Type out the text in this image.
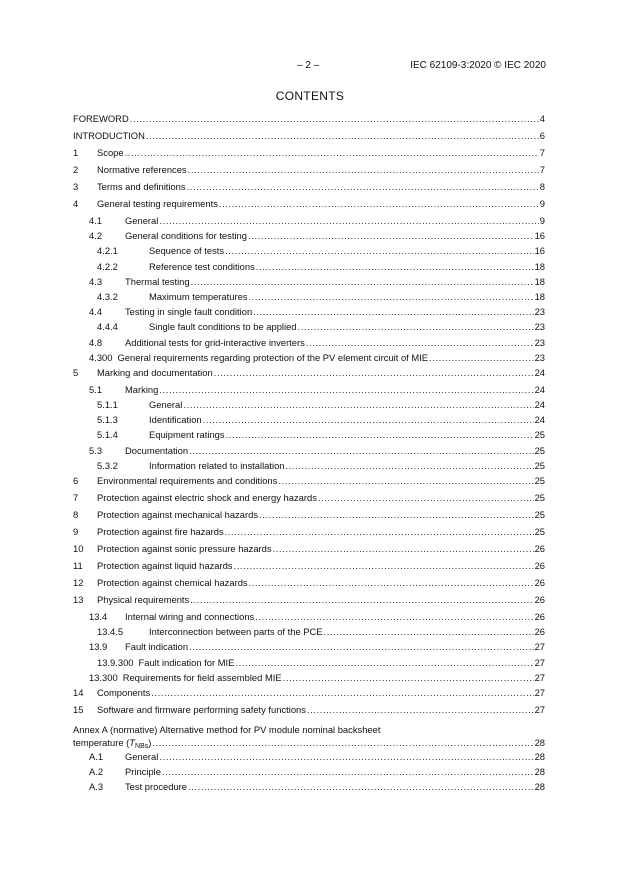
– 2 –	IEC 62109-3:2020 © IEC 2020
CONTENTS
FOREWORD .....	4
INTRODUCTION .....	6
1	Scope .....	7
2	Normative references .....	7
3	Terms and definitions .....	8
4	General testing requirements .....	9
4.1	General .....	9
4.2	General conditions for testing .....	16
4.2.1	Sequence of tests .....	16
4.2.2	Reference test conditions .....	18
4.3	Thermal testing .....	18
4.3.2	Maximum temperatures .....	18
4.4	Testing in single fault condition .....	23
4.4.4	Single fault conditions to be applied .....	23
4.8	Additional tests for grid-interactive inverters .....	23
4.300 General requirements regarding protection of the PV element circuit of MIE .....	23
5	Marking and documentation .....	24
5.1	Marking .....	24
5.1.1	General .....	24
5.1.3	Identification .....	24
5.1.4	Equipment ratings .....	25
5.3	Documentation .....	25
5.3.2	Information related to installation .....	25
6	Environmental requirements and conditions .....	25
7	Protection against electric shock and energy hazards .....	25
8	Protection against mechanical hazards .....	25
9	Protection against fire hazards .....	25
10	Protection against sonic pressure hazards .....	26
11	Protection against liquid hazards .....	26
12	Protection against chemical hazards .....	26
13	Physical requirements .....	26
13.4	Internal wiring and connections .....	26
13.4.5	Interconnection between parts of the PCE .....	26
13.9	Fault indication .....	27
13.9.300 Fault indication for MIE .....	27
13.300 Requirements for field assembled MIE .....	27
14	Components .....	27
15	Software and firmware performing safety functions .....	27
Annex A (normative) Alternative method for PV module nominal backsheet
temperature $(T_{NBs})$ .....	28
A.1	General .....	28
A.2	Principle .....	28
A.3	Test procedure .....	28
